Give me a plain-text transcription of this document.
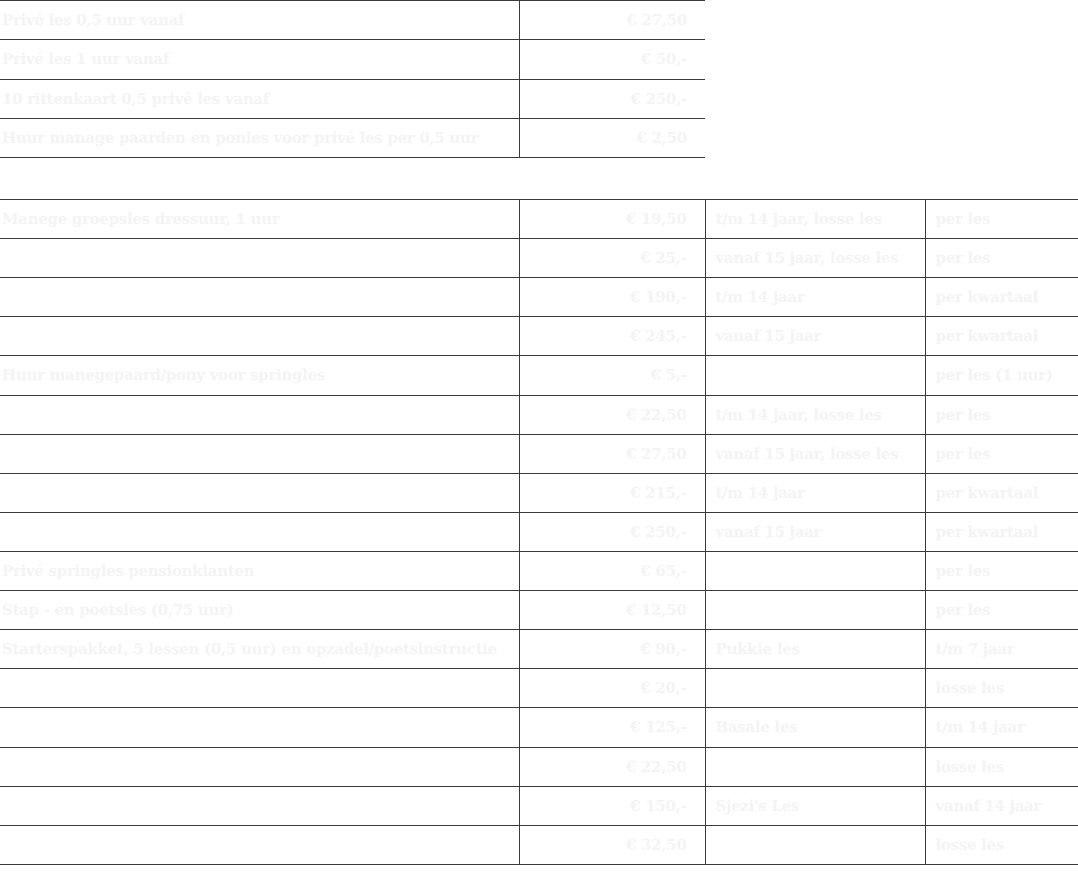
Privé les 0,5 uur vanaf	€ 27,50
Privé les 1 uur vanaf	€ 50,-
10 rittenkaart 0,5 privé les vanaf	€ 250,-
Huur manage paarden en ponies voor privé les per 0,5 uur	€ 2,50
Manege groepsles dressuur, 1 uur	€ 19,50	t/m 14 jaar, losse les	per les
	€ 25,-	vanaf 15 jaar, losse les	per les
	€ 190,-	t/m 14 jaar	per kwartaal
	€ 245,-	vanaf 15 jaar	per kwartaal
Huur manegepaard/pony voor springles	€ 5,-		per les (1 uur)
	€ 22,50	t/m 14 jaar, losse les	per les
	€ 27,50	vanaf 15 jaar, losse les	per les
	€ 215,-	t/m 14 jaar	per kwartaal
	€ 250,-	vanaf 15 jaar	per kwartaal
Privé springles pensionklanten	€ 65,-		per les
Stap - en poetsles (0,75 uur)	€ 12,50		per les
Starterspakket, 5 lessen (0,5 uur) en opzadel/poetsinstructie	€ 90,-	Pukkie les	t/m 7 jaar
	€ 20,-		losse les
	€ 125,-	Basale les	t/m 14 jaar
	€ 22,50		losse les
	€ 150,-	Sjezi's Les	vanaf 14 jaar
	€ 32,50		losse les
